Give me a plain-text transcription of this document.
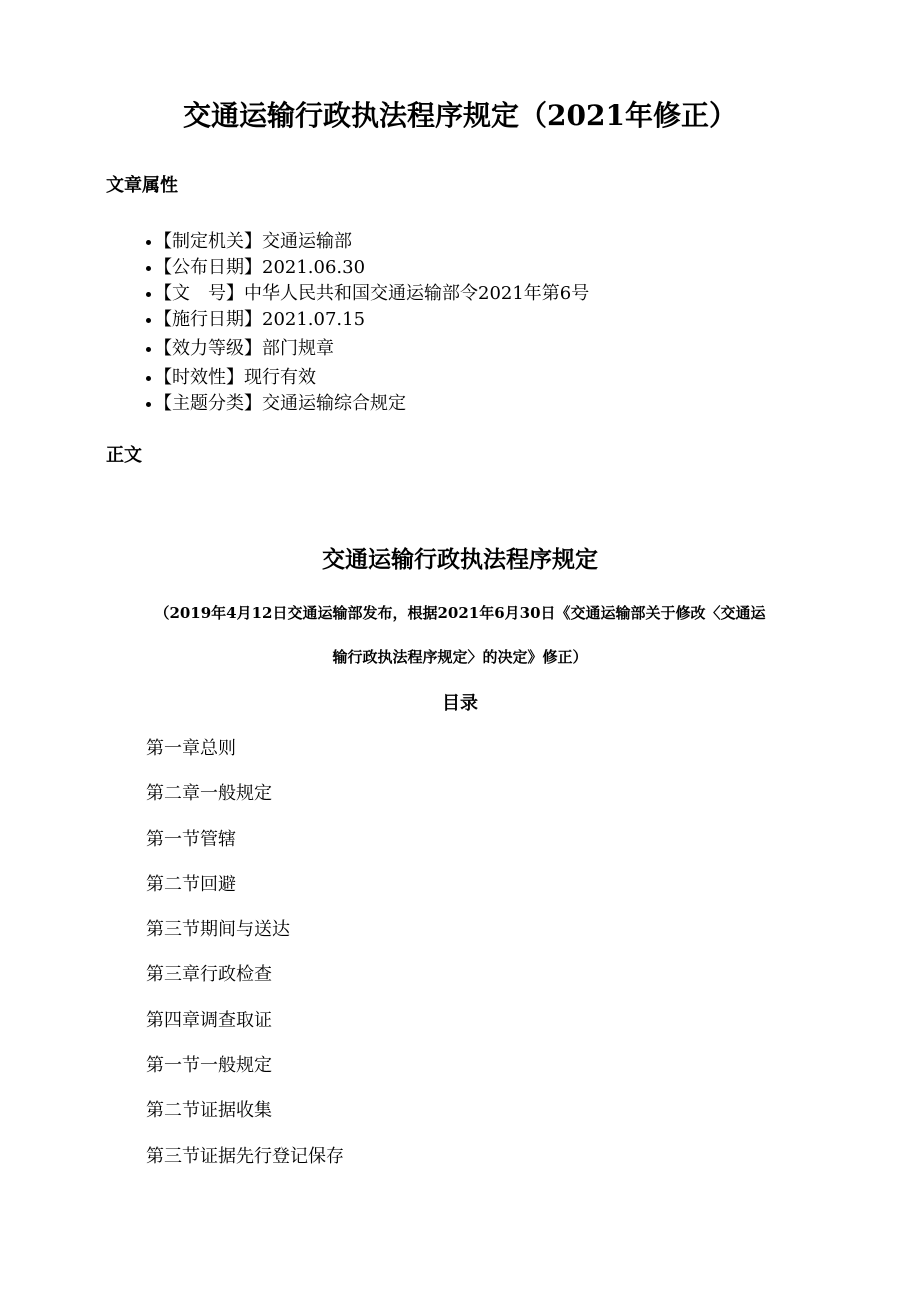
交通运输行政执法程序规定（2021年修正）
文章属性
【制定机关】交通运输部
【公布日期】2021.06.30
【文　号】中华人民共和国交通运输部令2021年第6号
【施行日期】2021.07.15
【效力等级】部门规章
【时效性】现行有效
【主题分类】交通运输综合规定
正文
交通运输行政执法程序规定

（2019年4月12日交通运输部发布，根据2021年6月30日《交通运输部关于修改〈交通运

输行政执法程序规定〉的决定》修正）

目录
第一章总则
第二章一般规定
第一节管辖
第二节回避
第三节期间与送达
第三章行政检查
第四章调查取证
第一节一般规定
第二节证据收集
第三节证据先行登记保存
